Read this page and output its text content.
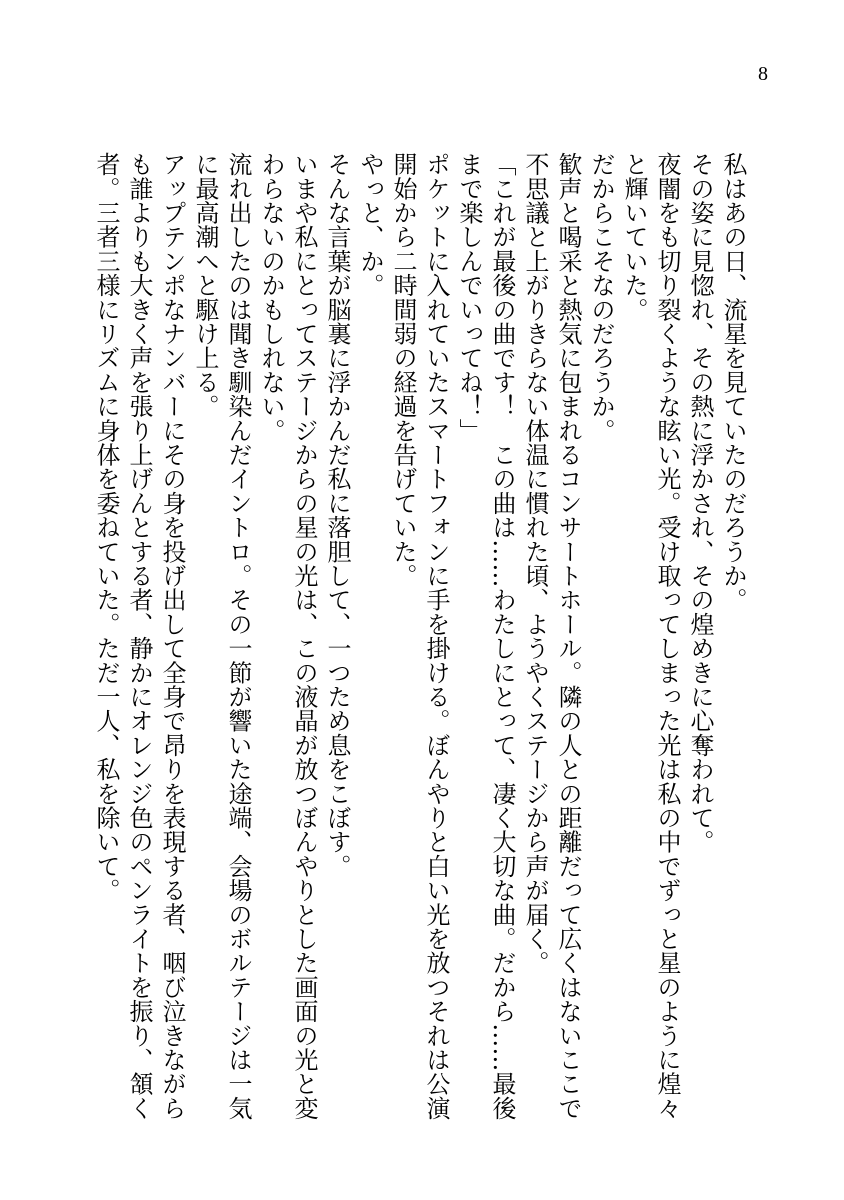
8

私はあの日、流星を見ていたのだろうか。

その姿に見惚れ、その熱に浮かされ、その煌めきに心奪われて。

夜闇をも切り裂くような眩い光。受け取ってしまった光は私の中でずっと星のように煌々と輝いていた。

だからこそなのだろうか。

歓声と喝采と熱気に包まれるコンサートホール。隣の人との距離だって広くはないここで不思議と上がりきらない体温に慣れた頃、ようやくステージから声が届く。

「これが最後の曲です！　この曲は……わたしにとって、凄く大切な曲。だから……最後まで楽しんでいってね！」

ポケットに入れていたスマートフォンに手を掛ける。ぼんやりと白い光を放つそれは公演開始から二時間弱の経過を告げていた。

やっと、か。

そんな言葉が脳裏に浮かんだ私に落胆して、一つため息をこぼす。

いまや私にとってステージからの星の光は、この液晶が放つぼんやりとした画面の光と変わらないのかもしれない。

流れ出したのは聞き馴染んだイントロ。その一節が響いた途端、会場のボルテージは一気に最高潮へと駆け上る。

アップテンポなナンバーにその身を投げ出して全身で昂りを表現する者、咽び泣きながらも誰よりも大きく声を張り上げんとする者、静かにオレンジ色のペンライトを振り、頷く者。三者三様にリズムに身体を委ねていた。ただ一人、私を除いて。
